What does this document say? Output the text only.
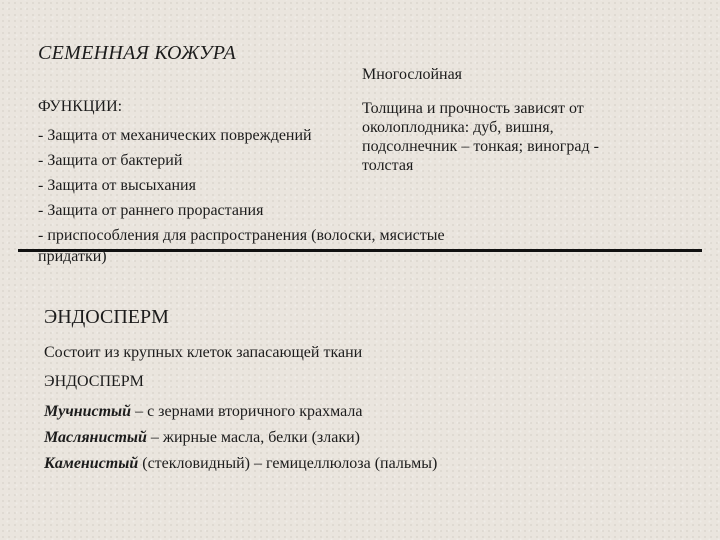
СЕМЕННАЯ КОЖУРА
Многослойная
ФУНКЦИИ:
- Защита от механических повреждений
- Защита от бактерий
- Защита от высыхания
- Защита от раннего прорастания
- приспособления для распространения (волоски, мясистые
Толщина и прочность зависят от
околоплодника: дуб, вишня,
подсолнечник – тонкая; виноград -
толстая
придатки)
ЭНДОСПЕРМ
Состоит из крупных клеток запасающей ткани
ЭНДОСПЕРМ
Мучнистый – с зернами вторичного крахмала
Маслянистый – жирные масла, белки (злаки)
Каменистый (стекловидный) – гемицеллюлоза (пальмы)
